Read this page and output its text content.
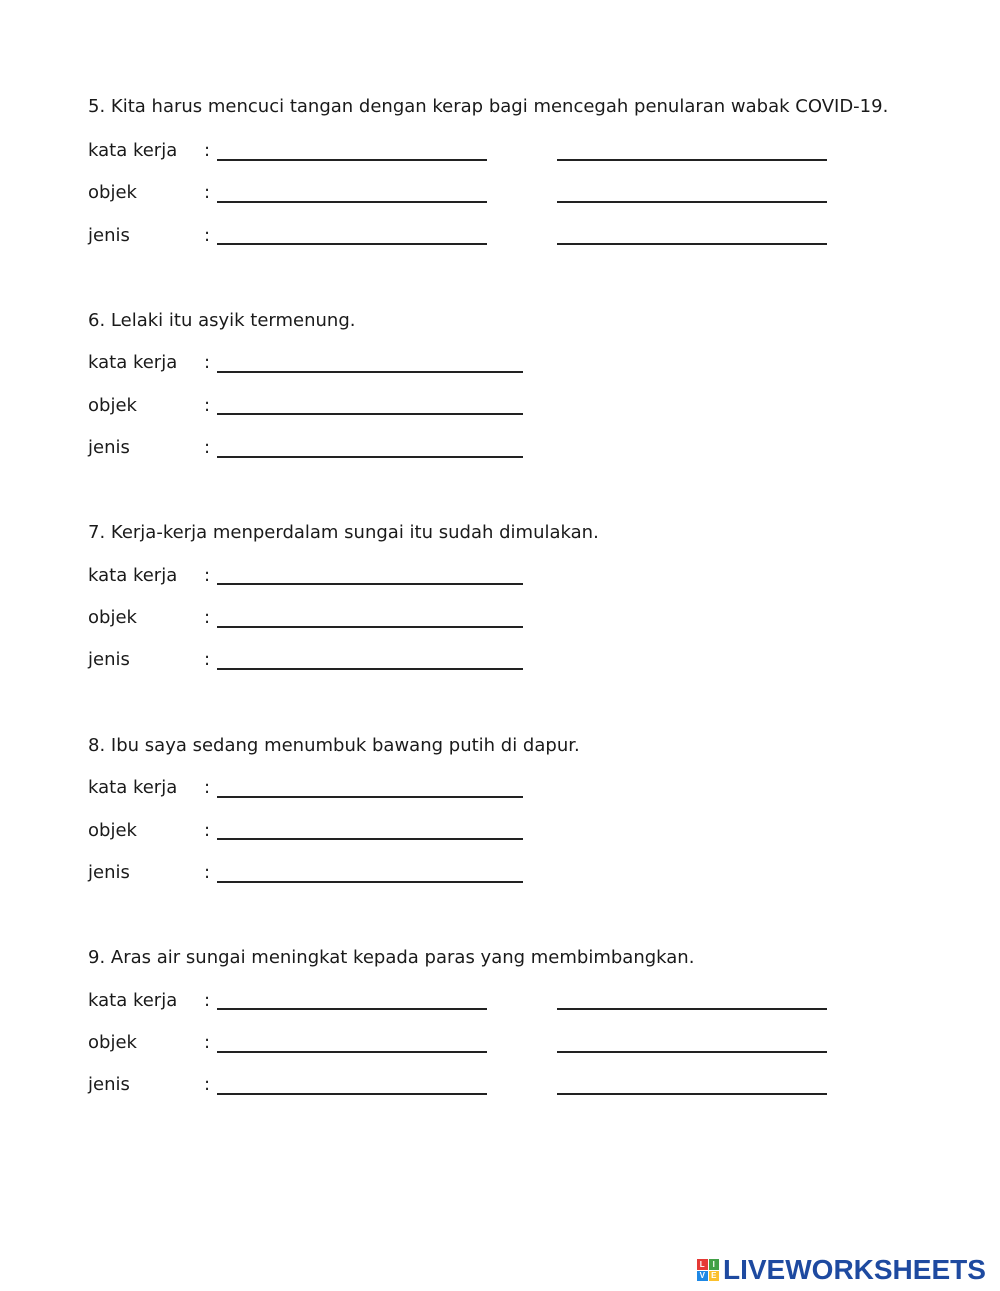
5. Kita harus mencuci tangan dengan kerap bagi mencegah penularan wabak COVID-19.
kata kerja :
objek	:
jenis	:
6. Lelaki itu asyik termenung.
kata kerja :
objek	:
jenis	:
7. Kerja-kerja menperdalam sungai itu sudah dimulakan.
kata kerja :
objek	:
jenis	:
8. Ibu saya sedang menumbuk bawang putih di dapur.
kata kerja :
objek	:
jenis	:
9. Aras air sungai meningkat kepada paras yang membimbangkan.
kata kerja :
objek	:
jenis	:
L I
V E LIVEWORKSHEETS
